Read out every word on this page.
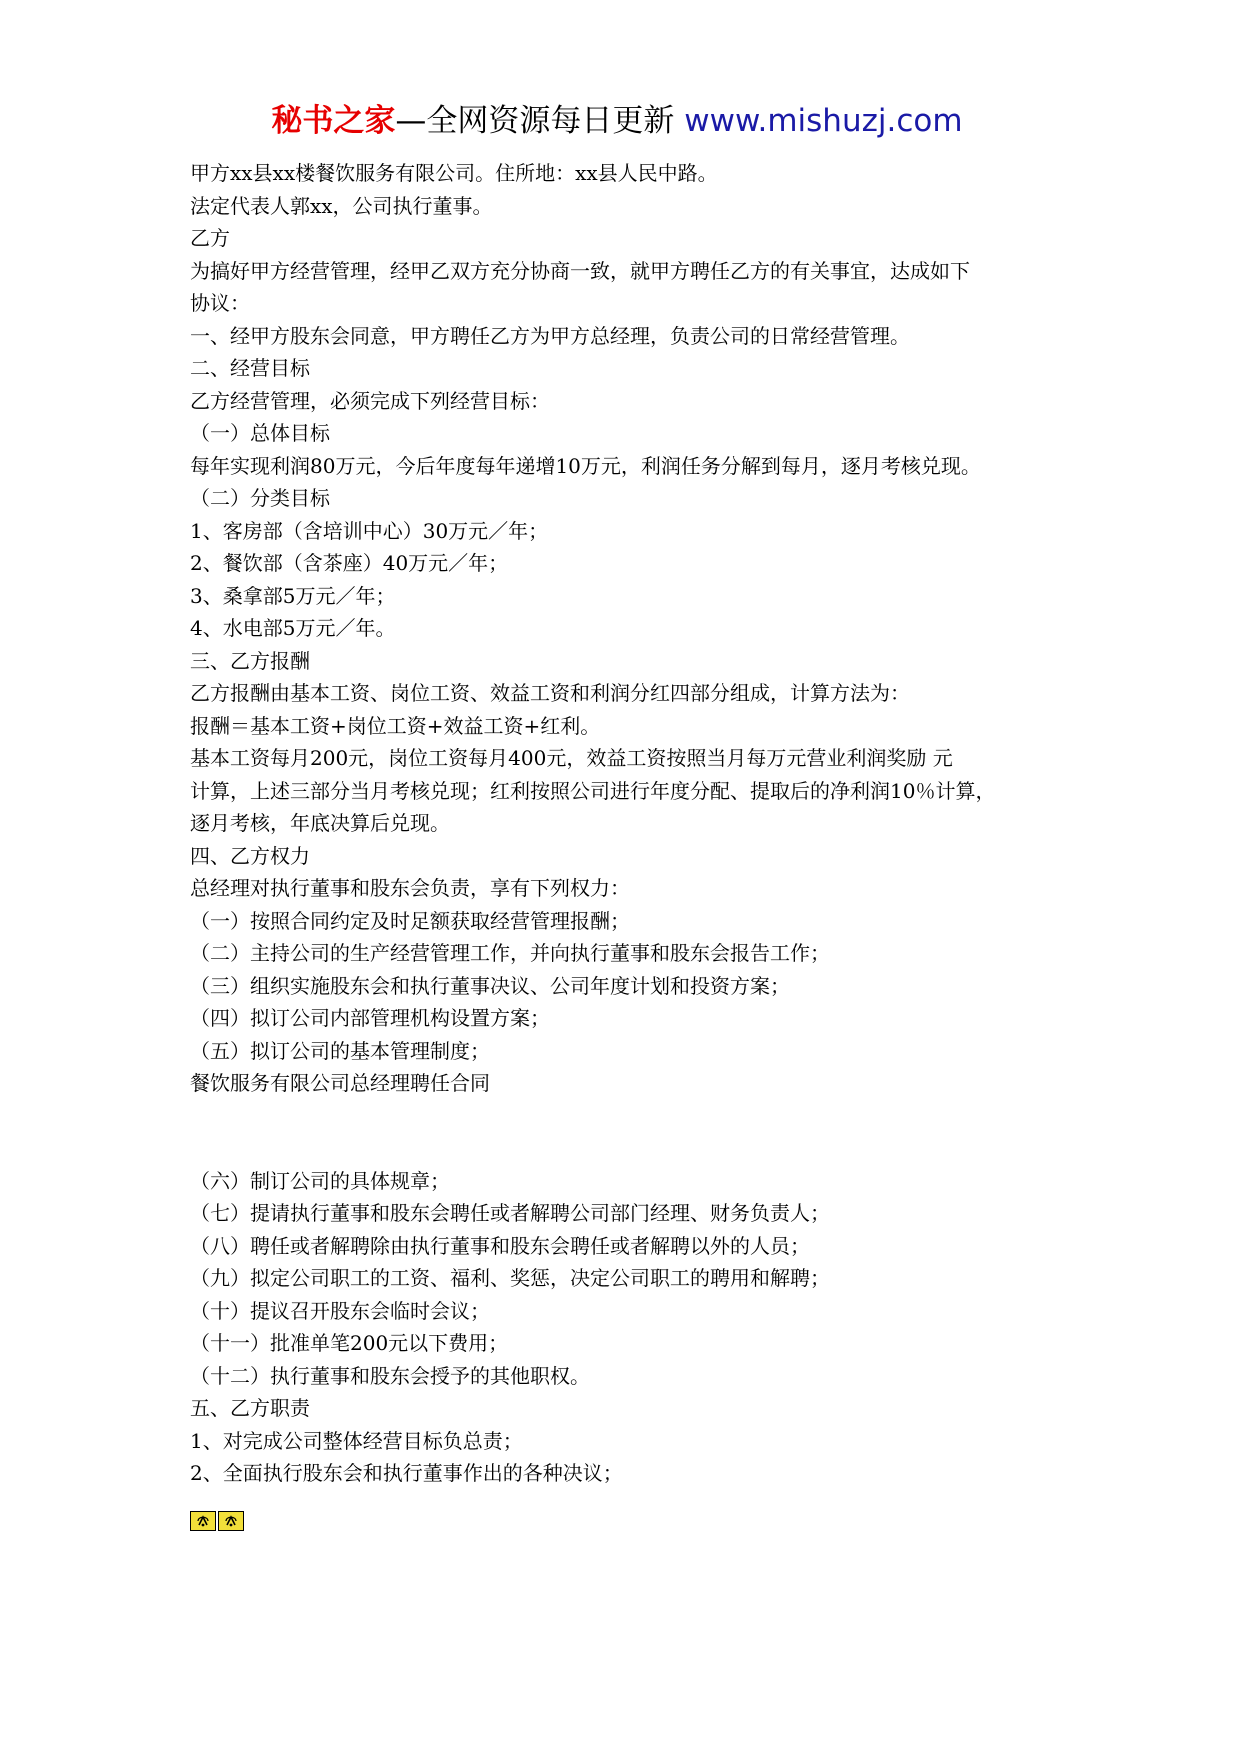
秘书之家—全网资源每日更新 www.mishuzj.com
甲方xx县xx楼餐饮服务有限公司。住所地：xx县人民中路。
法定代表人郭xx，公司执行董事。
乙方
为搞好甲方经营管理，经甲乙双方充分协商一致，就甲方聘任乙方的有关事宜，达成如下
协议：
一、经甲方股东会同意，甲方聘任乙方为甲方总经理，负责公司的日常经营管理。
二、经营目标
乙方经营管理，必须完成下列经营目标：
（一）总体目标
每年实现利润80万元，今后年度每年递增10万元，利润任务分解到每月，逐月考核兑现。
（二）分类目标
1、客房部（含培训中心）30万元／年；
2、餐饮部（含茶座）40万元／年；
3、桑拿部5万元／年；
4、水电部5万元／年。
三、乙方报酬
乙方报酬由基本工资、岗位工资、效益工资和利润分红四部分组成，计算方法为：
报酬＝基本工资+岗位工资+效益工资+红利。
基本工资每月200元，岗位工资每月400元，效益工资按照当月每万元营业利润奖励 元
计算，上述三部分当月考核兑现；红利按照公司进行年度分配、提取后的净利润10％计算，
逐月考核，年底决算后兑现。
四、乙方权力
总经理对执行董事和股东会负责，享有下列权力：
（一）按照合同约定及时足额获取经营管理报酬；
（二）主持公司的生产经营管理工作，并向执行董事和股东会报告工作；
（三）组织实施股东会和执行董事决议、公司年度计划和投资方案；
（四）拟订公司内部管理机构设置方案；
（五）拟订公司的基本管理制度；
餐饮服务有限公司总经理聘任合同
（六）制订公司的具体规章；
（七）提请执行董事和股东会聘任或者解聘公司部门经理、财务负责人；
（八）聘任或者解聘除由执行董事和股东会聘任或者解聘以外的人员；
（九）拟定公司职工的工资、福利、奖惩，决定公司职工的聘用和解聘；
（十）提议召开股东会临时会议；
（十一）批准单笔200元以下费用；
（十二）执行董事和股东会授予的其他职权。
五、乙方职责
1、对完成公司整体经营目标负总责；
2、全面执行股东会和执行董事作出的各种决议；
